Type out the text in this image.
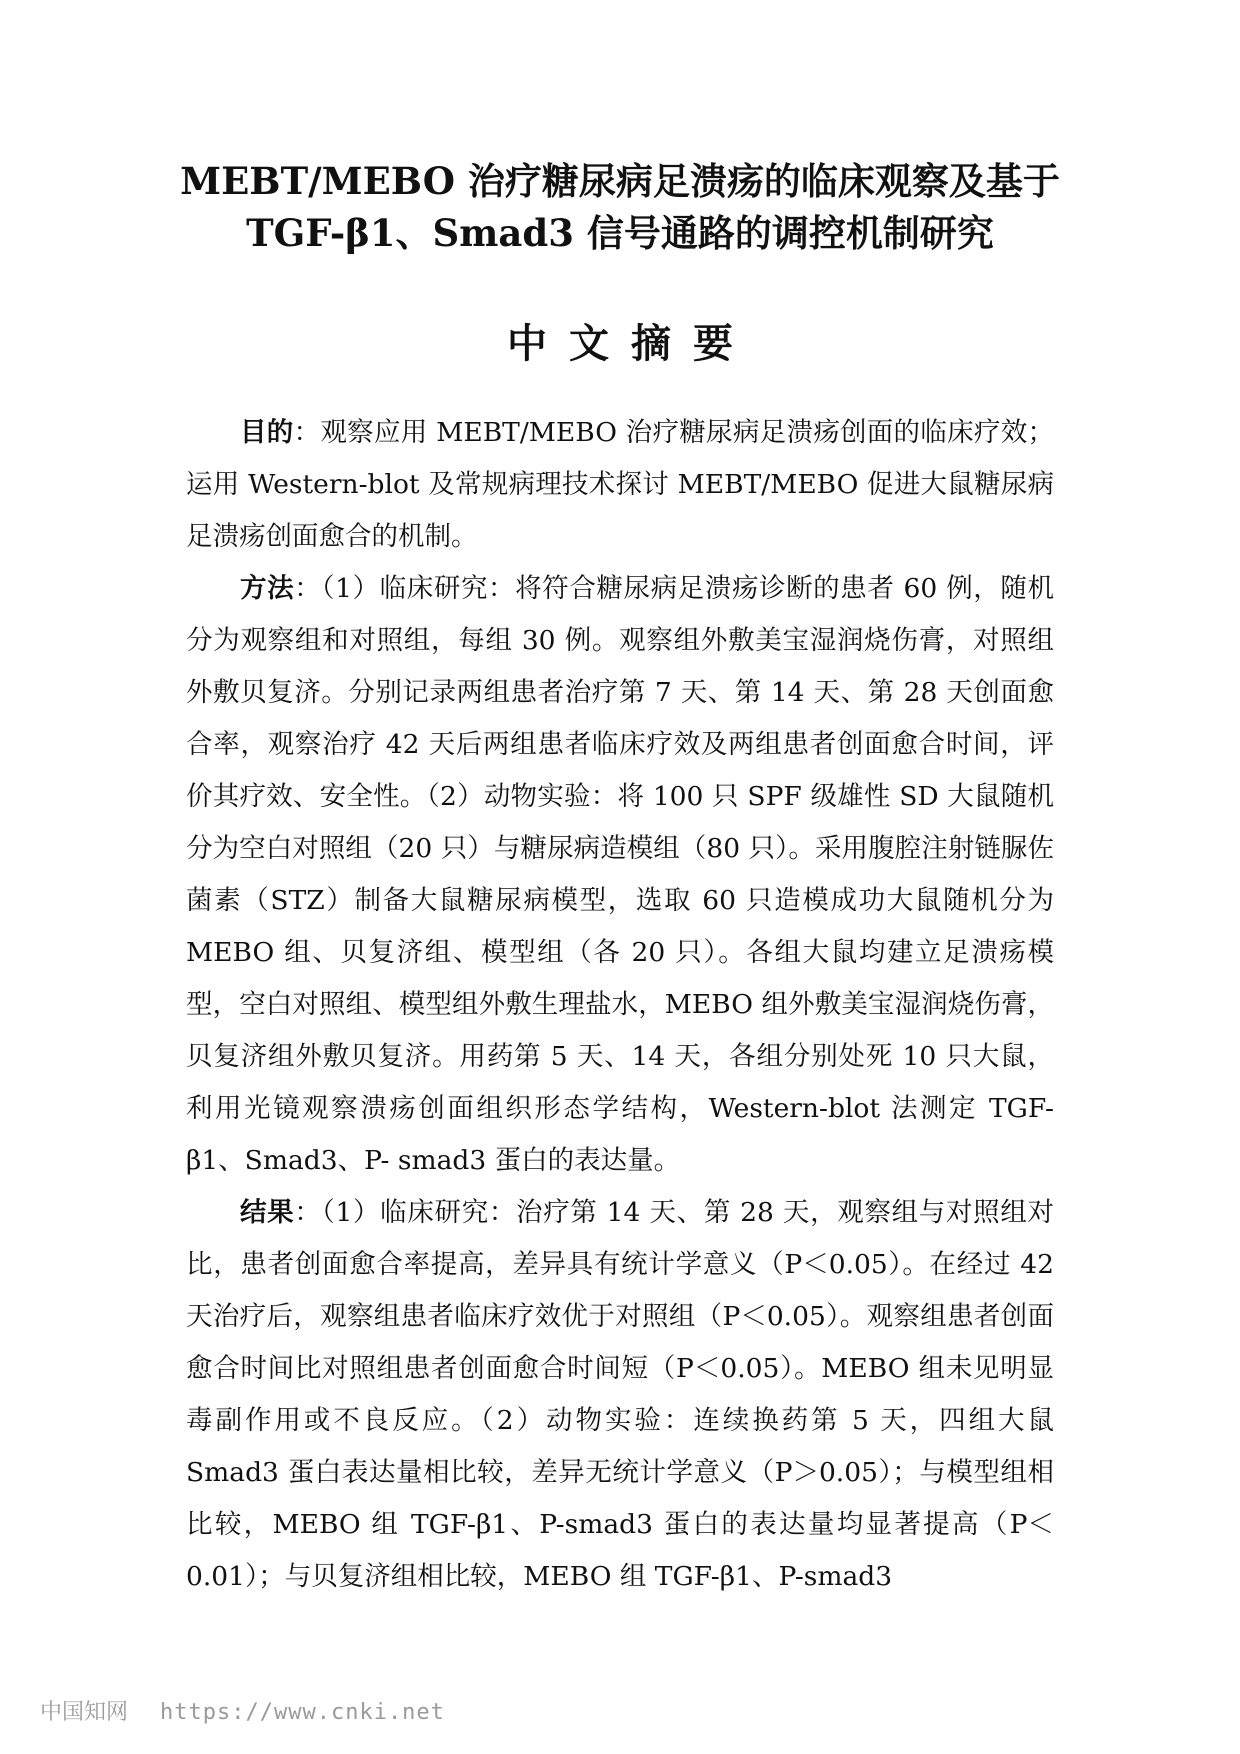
MEBT/MEBO 治疗糖尿病足溃疡的临床观察及基于
TGF-β1、Smad3 信号通路的调控机制研究
中文摘要

目的：观察应用 MEBT/MEBO 治疗糖尿病足溃疡创面的临床疗效；运用 Western-blot 及常规病理技术探讨 MEBT/MEBO 促进大鼠糖尿病足溃疡创面愈合的机制。

方法：（1）临床研究：将符合糖尿病足溃疡诊断的患者 60 例，随机分为观察组和对照组，每组 30 例。观察组外敷美宝湿润烧伤膏，对照组外敷贝复济。分别记录两组患者治疗第 7 天、第 14 天、第 28 天创面愈合率，观察治疗 42 天后两组患者临床疗效及两组患者创面愈合时间，评价其疗效、安全性。（2）动物实验：将 100 只 SPF 级雄性 SD 大鼠随机分为空白对照组（20 只）与糖尿病造模组（80 只）。采用腹腔注射链脲佐菌素（STZ）制备大鼠糖尿病模型，选取 60 只造模成功大鼠随机分为 MEBO 组、贝复济组、模型组（各 20 只）。各组大鼠均建立足溃疡模型，空白对照组、模型组外敷生理盐水，MEBO 组外敷美宝湿润烧伤膏，贝复济组外敷贝复济。用药第 5 天、14 天，各组分别处死 10 只大鼠，利用光镜观察溃疡创面组织形态学结构，Western-blot 法测定 TGF-β1、Smad3、P- smad3 蛋白的表达量。

结果：（1）临床研究：治疗第 14 天、第 28 天，观察组与对照组对比，患者创面愈合率提高，差异具有统计学意义（P＜0.05）。在经过 42 天治疗后，观察组患者临床疗效优于对照组（P＜0.05）。观察组患者创面愈合时间比对照组患者创面愈合时间短（P＜0.05）。MEBO 组未见明显毒副作用或不良反应。（2）动物实验：连续换药第 5 天，四组大鼠 Smad3 蛋白表达量相比较，差异无统计学意义（P＞0.05）；与模型组相比较，MEBO 组 TGF-β1、P-smad3 蛋白的表达量均显著提高（P＜0.01）；与贝复济组相比较，MEBO 组 TGF-β1、P-smad3

中国知网 https://www.cnki.net
